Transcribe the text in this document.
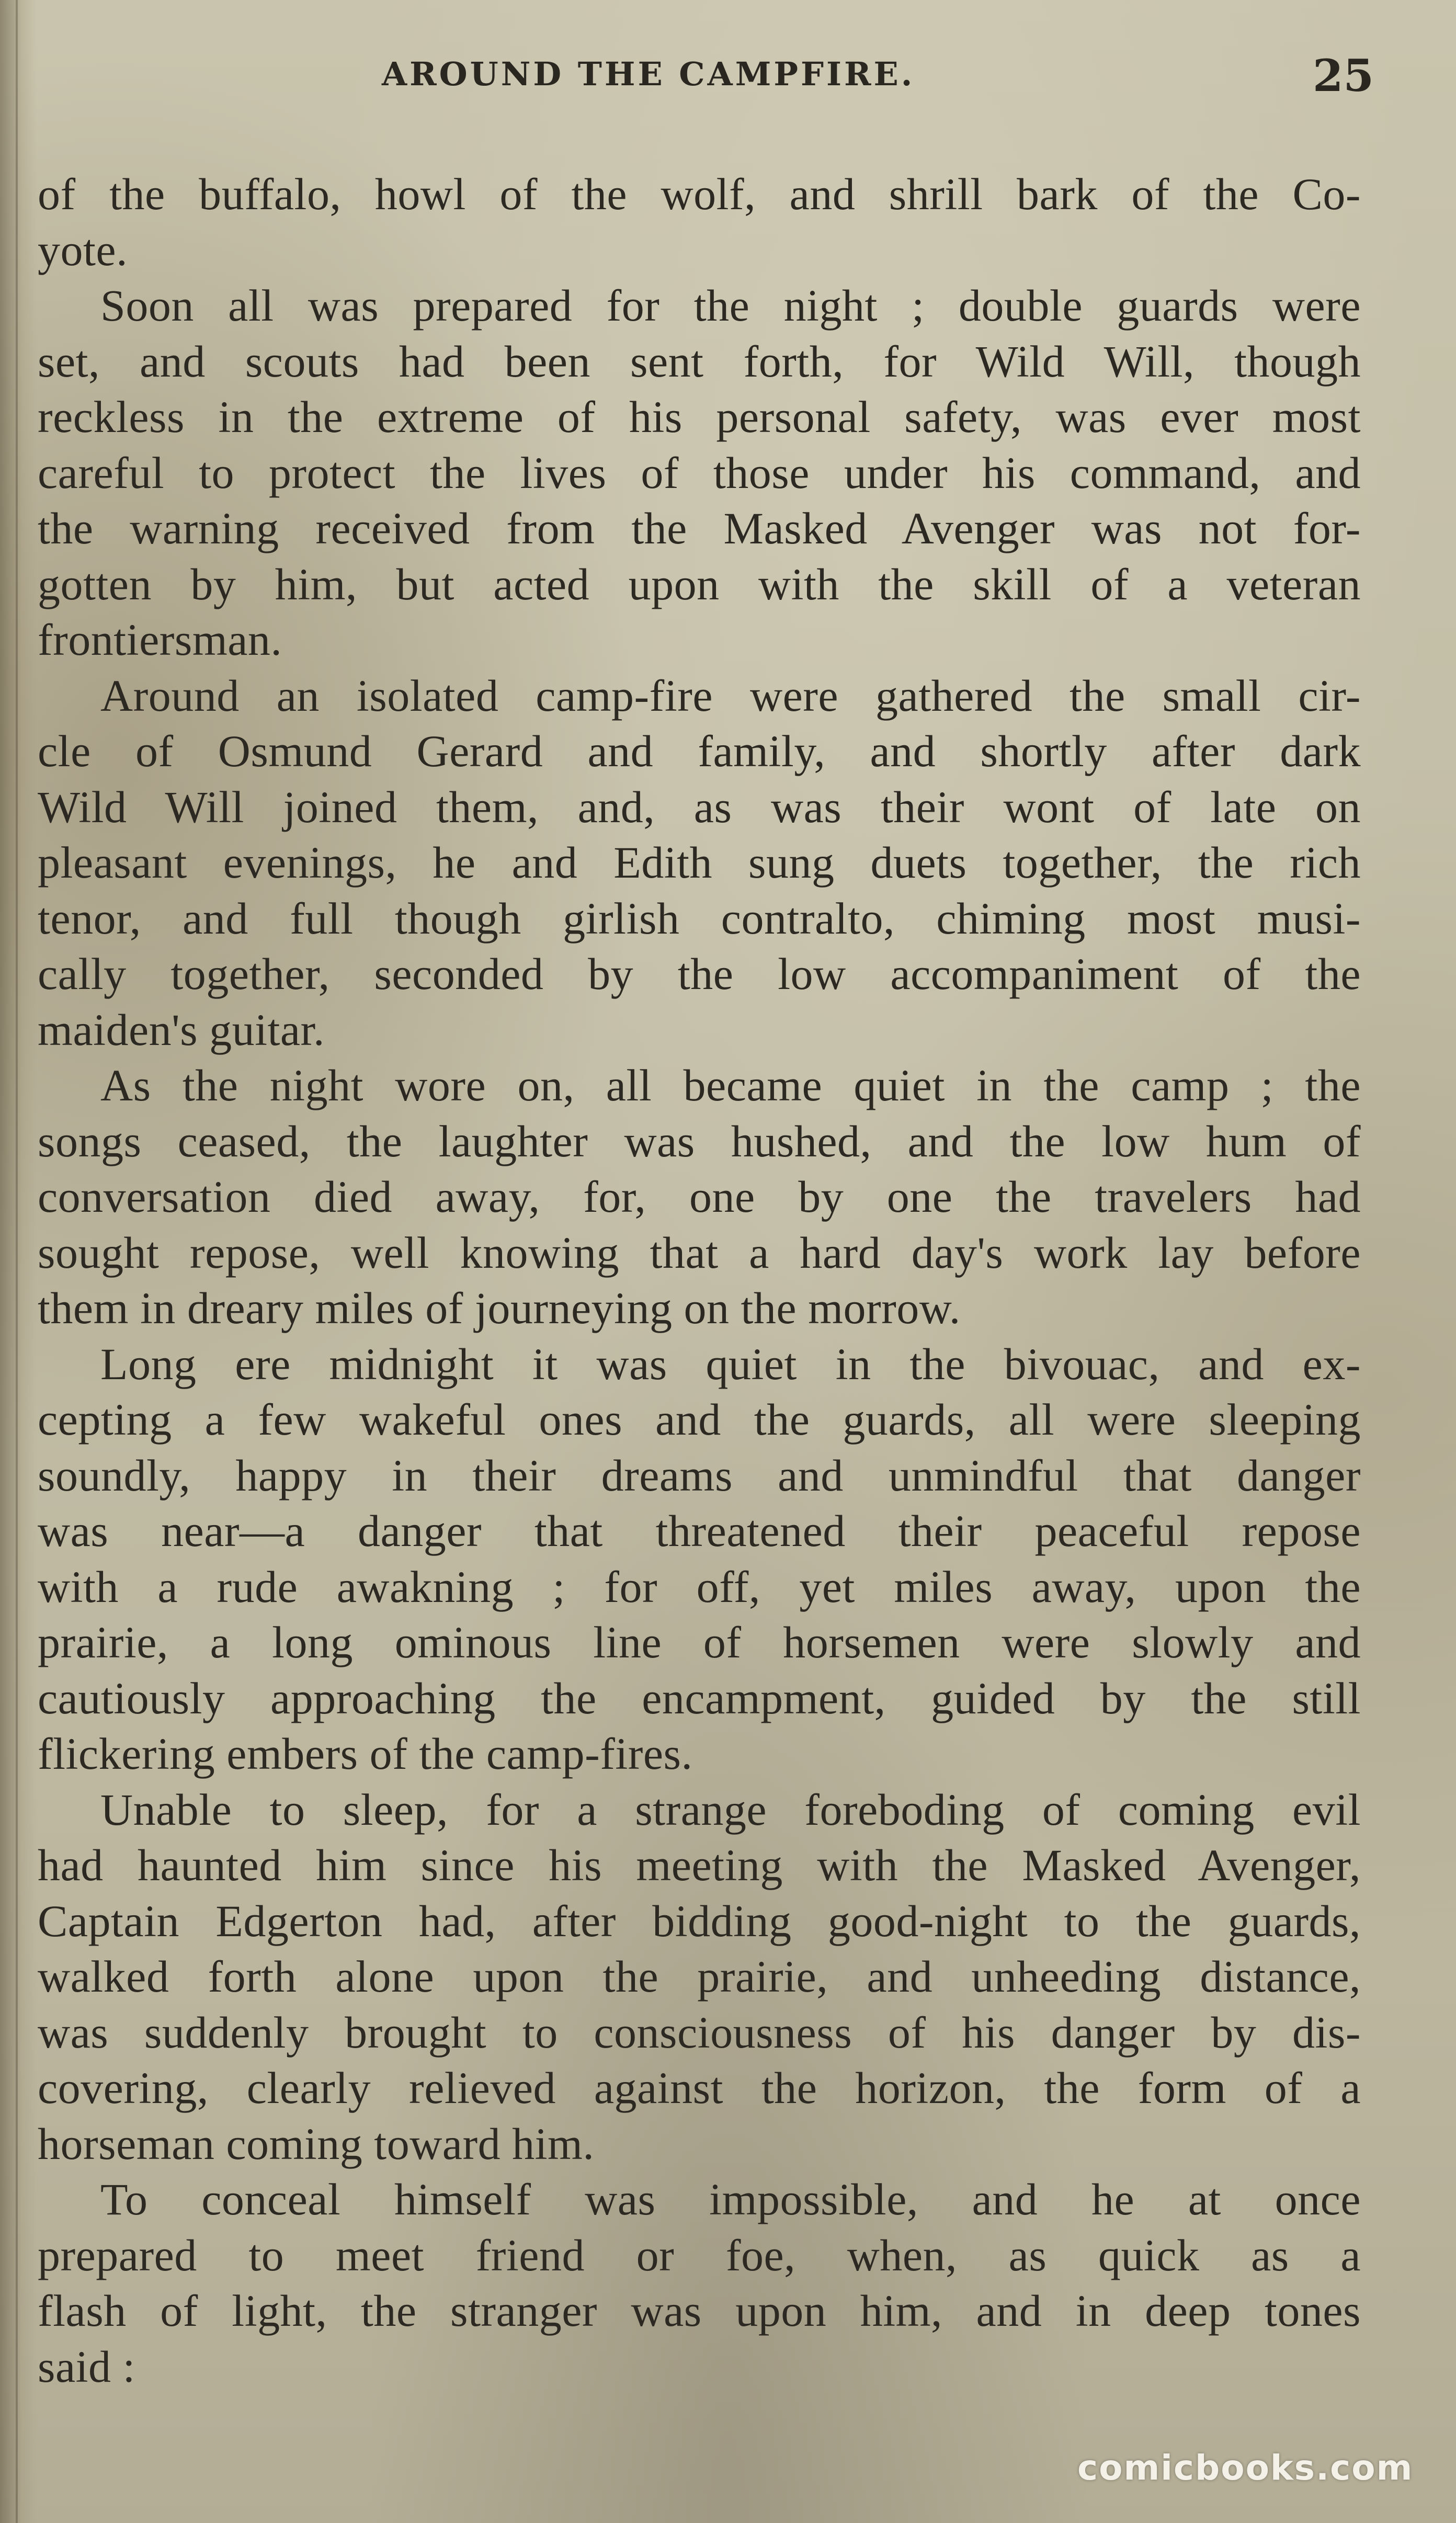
AROUND THE CAMPFIRE.	25
of the buffalo, howl of the wolf, and shrill bark of the Co-
yote.
Soon all was prepared for the night ; double guards were
set, and scouts had been sent forth, for Wild Will, though
reckless in the extreme of his personal safety, was ever most
careful to protect the lives of those under his command, and
the warning received from the Masked Avenger was not for-
gotten by him, but acted upon with the skill of a veteran
frontiersman.
Around an isolated camp-fire were gathered the small cir-
cle of Osmund Gerard and family, and shortly after dark
Wild Will joined them, and, as was their wont of late on
pleasant evenings, he and Edith sung duets together, the rich
tenor, and full though girlish contralto, chiming most musi-
cally together, seconded by the low accompaniment of the
maiden's guitar.
As the night wore on, all became quiet in the camp ; the
songs ceased, the laughter was hushed, and the low hum of
conversation died away, for, one by one the travelers had
sought repose, well knowing that a hard day's work lay before
them in dreary miles of journeying on the morrow.
Long ere midnight it was quiet in the bivouac, and ex-
cepting a few wakeful ones and the guards, all were sleeping
soundly, happy in their dreams and unmindful that danger
was near—a danger that threatened their peaceful repose
with a rude awakning ; for off, yet miles away, upon the
prairie, a long ominous line of horsemen were slowly and
cautiously approaching the encampment, guided by the still
flickering embers of the camp-fires.
Unable to sleep, for a strange foreboding of coming evil
had haunted him since his meeting with the Masked Avenger,
Captain Edgerton had, after bidding good-night to the guards,
walked forth alone upon the prairie, and unheeding distance,
was suddenly brought to consciousness of his danger by dis-
covering, clearly relieved against the horizon, the form of a
horseman coming toward him.
To conceal himself was impossible, and he at once
prepared to meet friend or foe, when, as quick as a
flash of light, the stranger was upon him, and in deep tones
said :
comicbooks.com
